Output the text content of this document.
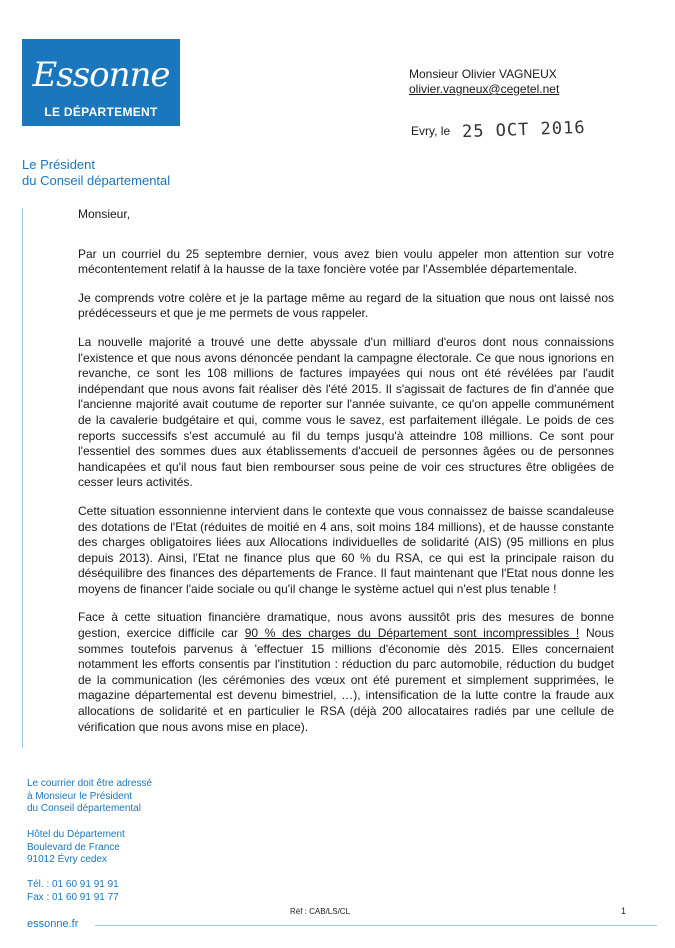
Essonne
LE DÉPARTEMENT
Monsieur Olivier VAGNEUX
olivier.vagneux@cegetel.net
Evry, le 25 OCT 2016
Le Président
du Conseil départemental

Monsieur,

Par un courriel du 25 septembre dernier, vous avez bien voulu appeler mon attention sur votre mécontentement relatif à la hausse de la taxe foncière votée par l'Assemblée départementale.

Je comprends votre colère et je la partage même au regard de la situation que nous ont laissé nos prédécesseurs et que je me permets de vous rappeler.

La nouvelle majorité a trouvé une dette abyssale d'un milliard d'euros dont nous connaissions l'existence et que nous avons dénoncée pendant la campagne électorale. Ce que nous ignorions en revanche, ce sont les 108 millions de factures impayées qui nous ont été révélées par l'audit indépendant que nous avons fait réaliser dès l'été 2015. Il s'agissait de factures de fin d'année que l'ancienne majorité avait coutume de reporter sur l'année suivante, ce qu'on appelle communément de la cavalerie budgétaire et qui, comme vous le savez, est parfaitement illégale. Le poids de ces reports successifs s'est accumulé au fil du temps jusqu'à atteindre 108 millions. Ce sont pour l'essentiel des sommes dues aux établissements d'accueil de personnes âgées ou de personnes handicapées et qu'il nous faut bien rembourser sous peine de voir ces structures être obligées de cesser leurs activités.

Cette situation essonnienne intervient dans le contexte que vous connaissez de baisse scandaleuse des dotations de l'Etat (réduites de moitié en 4 ans, soit moins 184 millions), et de hausse constante des charges obligatoires liées aux Allocations individuelles de solidarité (AIS) (95 millions en plus depuis 2013). Ainsi, l'Etat ne finance plus que 60 % du RSA, ce qui est la principale raison du déséquilibre des finances des départements de France. Il faut maintenant que l'Etat nous donne les moyens de financer l'aide sociale ou qu'il change le système actuel qui n'est plus tenable !

Face à cette situation financière dramatique, nous avons aussitôt pris des mesures de bonne gestion, exercice difficile car 90 % des charges du Département sont incompressibles ! Nous sommes toutefois parvenus à 'effectuer 15 millions d'économie dès 2015. Elles concernaient notamment les efforts consentis par l'institution : réduction du parc automobile, réduction du budget de la communication (les cérémonies des vœux ont été purement et simplement supprimées, le magazine départemental est devenu bimestriel, …), intensification de la lutte contre la fraude aux allocations de solidarité et en particulier le RSA (déjà 200 allocataires radiés par une cellule de vérification que nous avons mise en place).

Le courrier doit être adressé
à Monsieur le Président
du Conseil départemental
Hôtel du Département
Boulevard de France
91012 Évry cedex
Tél. : 01 60 91 91 91
Fax : 01 60 91 91 77
essonne.fr
Réf : CAB/LS/CL	1
